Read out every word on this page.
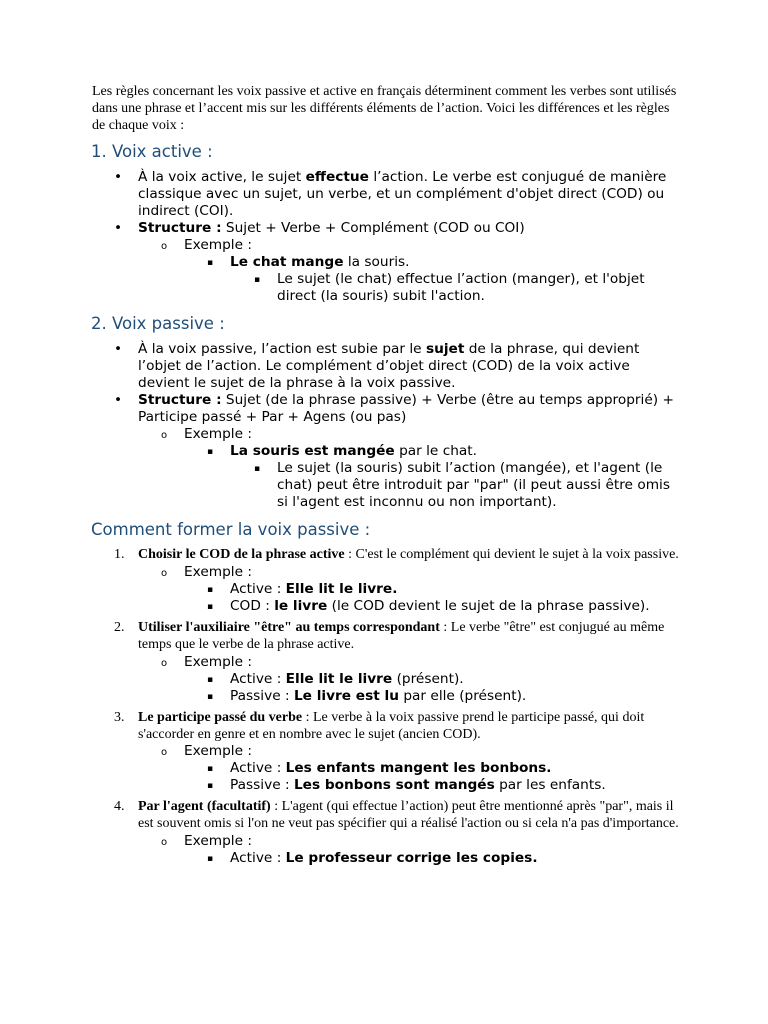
Les règles concernant les voix passive et active en français déterminent comment les verbes sont utilisés dans une phrase et l’accent mis sur les différents éléments de l’action. Voici les différences et les règles de chaque voix :

1. Voix active :
• À la voix active, le sujet effectue l’action. Le verbe est conjugué de manière classique avec un sujet, un verbe, et un complément d'objet direct (COD) ou indirect (COI).
• Structure : Sujet + Verbe + Complément (COD ou COI)
o Exemple :
▪ Le chat mange la souris.
▪ Le sujet (le chat) effectue l’action (manger), et l'objet direct (la souris) subit l'action.
2. Voix passive :
• À la voix passive, l’action est subie par le sujet de la phrase, qui devient l’objet de l’action. Le complément d’objet direct (COD) de la voix active devient le sujet de la phrase à la voix passive.
• Structure : Sujet (de la phrase passive) + Verbe (être au temps approprié) + Participe passé + Par + Agens (ou pas)
o Exemple :
▪ La souris est mangée par le chat.
▪ Le sujet (la souris) subit l’action (mangée), et l'agent (le chat) peut être introduit par "par" (il peut aussi être omis si l'agent est inconnu ou non important).
Comment former la voix passive :
1. Choisir le COD de la phrase active : C'est le complément qui devient le sujet à la voix passive.
o Exemple :
▪ Active : Elle lit le livre.
▪ COD : le livre (le COD devient le sujet de la phrase passive).
2. Utiliser l'auxiliaire "être" au temps correspondant : Le verbe "être" est conjugué au même temps que le verbe de la phrase active.
o Exemple :
▪ Active : Elle lit le livre (présent).
▪ Passive : Le livre est lu par elle (présent).
3. Le participe passé du verbe : Le verbe à la voix passive prend le participe passé, qui doit s'accorder en genre et en nombre avec le sujet (ancien COD).
o Exemple :
▪ Active : Les enfants mangent les bonbons.
▪ Passive : Les bonbons sont mangés par les enfants.
4. Par l'agent (facultatif) : L'agent (qui effectue l’action) peut être mentionné après "par", mais il est souvent omis si l'on ne veut pas spécifier qui a réalisé l'action ou si cela n'a pas d'importance.
o Exemple :
▪ Active : Le professeur corrige les copies.
